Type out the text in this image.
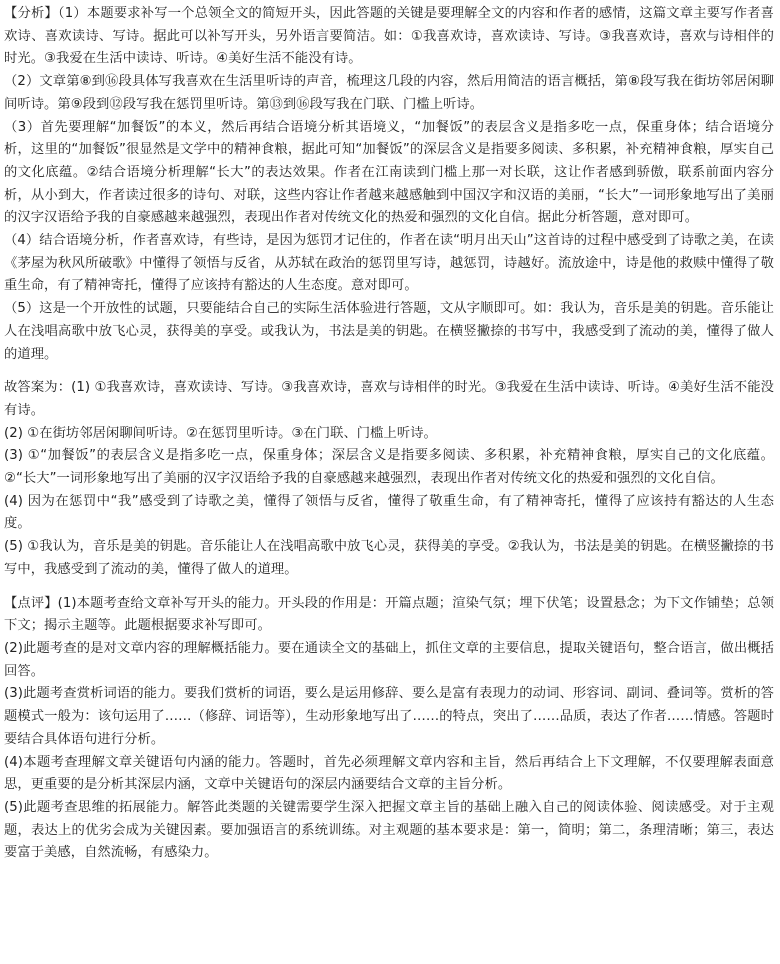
【分析】（1）本题要求补写一个总领全文的简短开头，因此答题的关键是要理解全文的内容和作者的感情，这篇文章主要写作者喜欢诗、喜欢读诗、写诗。据此可以补写开头，另外语言要简洁。如：①我喜欢诗，喜欢读诗、写诗。③我喜欢诗，喜欢与诗相伴的时光。③我爱在生活中读诗、听诗。④美好生活不能没有诗。

（2）文章第⑧到⑯段具体写我喜欢在生活里听诗的声音，梳理这几段的内容，然后用简洁的语言概括，第⑧段写我在街坊邻居闲聊间听诗。第⑨段到⑫段写我在惩罚里听诗。第⑬到⑯段写我在门联、门槛上听诗。

（3）首先要理解“加餐饭”的本义，然后再结合语境分析其语境义，“加餐饭”的表层含义是指多吃一点，保重身体；结合语境分析，这里的“加餐饭”很显然是文学中的精神食粮，据此可知“加餐饭”的深层含义是指要多阅读、多积累，补充精神食粮，厚实自己的文化底蕴。②结合语境分析理解“长大”的表达效果。作者在江南读到门槛上那一对长联，这让作者感到骄傲，联系前面内容分析，从小到大，作者读过很多的诗句、对联，这些内容让作者越来越感触到中国汉字和汉语的美丽，“长大”一词形象地写出了美丽的汉字汉语给予我的自豪感越来越强烈，表现出作者对传统文化的热爱和强烈的文化自信。据此分析答题，意对即可。

（4）结合语境分析，作者喜欢诗，有些诗，是因为惩罚才记住的，作者在读“明月出天山”这首诗的过程中感受到了诗歌之美，在读《茅屋为秋风所破歌》中懂得了领悟与反省，从苏轼在政治的惩罚里写诗，越惩罚，诗越好。流放途中，诗是他的救赎中懂得了敬重生命，有了精神寄托，懂得了应该持有豁达的人生态度。意对即可。

（5）这是一个开放性的试题，只要能结合自己的实际生活体验进行答题，文从字顺即可。如：我认为，音乐是美的钥匙。音乐能让人在浅唱高歌中放飞心灵，获得美的享受。或我认为，书法是美的钥匙。在横竖撇捺的书写中，我感受到了流动的美，懂得了做人的道理。

故答案为：(1) ①我喜欢诗，喜欢读诗、写诗。③我喜欢诗，喜欢与诗相伴的时光。③我爱在生活中读诗、听诗。④美好生活不能没有诗。

(2) ①在街坊邻居闲聊间听诗。②在惩罚里听诗。③在门联、门槛上听诗。

(3) ①“加餐饭”的表层含义是指多吃一点，保重身体；深层含义是指要多阅读、多积累，补充精神食粮，厚实自己的文化底蕴。②“长大”一词形象地写出了美丽的汉字汉语给予我的自豪感越来越强烈，表现出作者对传统文化的热爱和强烈的文化自信。

(4) 因为在惩罚中“我”感受到了诗歌之美，懂得了领悟与反省，懂得了敬重生命，有了精神寄托，懂得了应该持有豁达的人生态度。

(5) ①我认为，音乐是美的钥匙。音乐能让人在浅唱高歌中放飞心灵，获得美的享受。②我认为，书法是美的钥匙。在横竖撇捺的书写中，我感受到了流动的美，懂得了做人的道理。

【点评】(1)本题考查给文章补写开头的能力。开头段的作用是：开篇点题；渲染气氛；埋下伏笔；设置悬念；为下文作铺垫；总领下文；揭示主题等。此题根据要求补写即可。

(2)此题考查的是对文章内容的理解概括能力。要在通读全文的基础上，抓住文章的主要信息，提取关键语句，整合语言，做出概括回答。

(3)此题考查赏析词语的能力。要我们赏析的词语，要么是运用修辞、要么是富有表现力的动词、形容词、副词、叠词等。赏析的答题模式一般为：该句运用了……（修辞、词语等），生动形象地写出了……的特点，突出了……品质，表达了作者……情感。答题时要结合具体语句进行分析。

(4)本题考查理解文章关键语句内涵的能力。答题时，首先必须理解文章内容和主旨，然后再结合上下文理解，不仅要理解表面意思，更重要的是分析其深层内涵，文章中关键语句的深层内涵要结合文章的主旨分析。

(5)此题考查思维的拓展能力。解答此类题的关键需要学生深入把握文章主旨的基础上融入自己的阅读体验、阅读感受。对于主观题，表达上的优劣会成为关键因素。要加强语言的系统训练。对主观题的基本要求是：第一，简明；第二，条理清晰；第三，表达要富于美感，自然流畅，有感染力。
